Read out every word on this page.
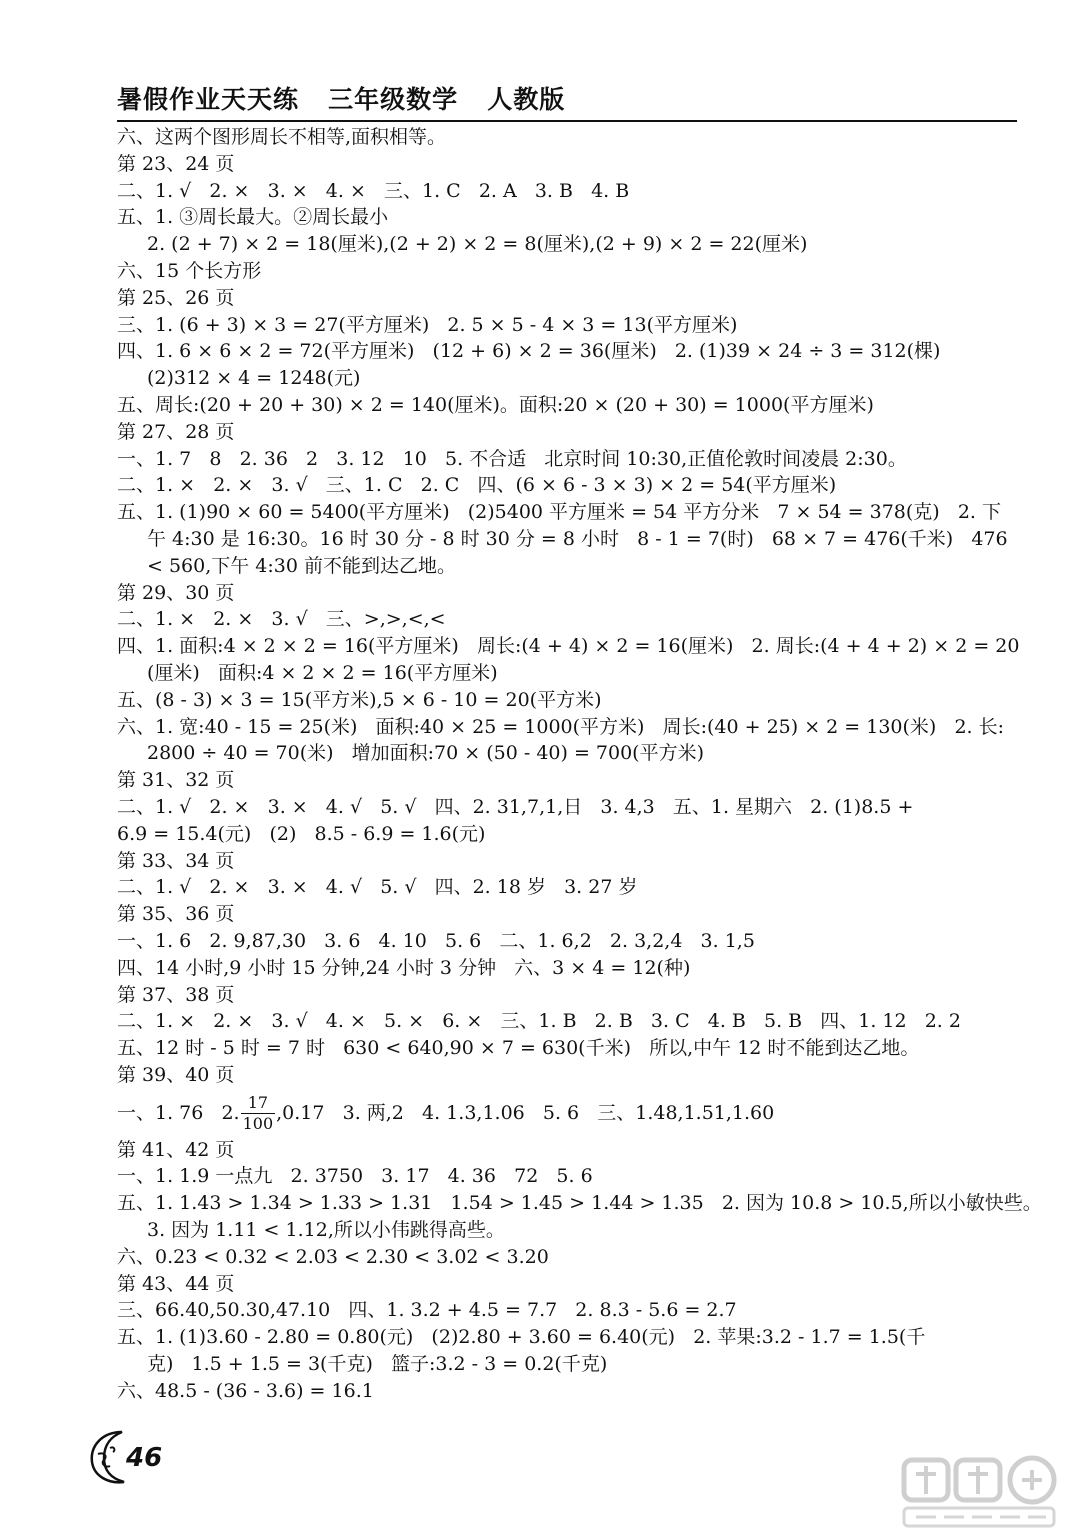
暑假作业天天练   三年级数学   人教版
六、这两个图形周长不相等,面积相等。
第 23、24 页
二、1. √   2. ×   3. ×   4. ×   三、1. C   2. A   3. B   4. B
五、1. ③周长最大。②周长最小
2. (2 + 7) × 2 = 18(厘米),(2 + 2) × 2 = 8(厘米),(2 + 9) × 2 = 22(厘米)
六、15 个长方形
第 25、26 页
三、1. (6 + 3) × 3 = 27(平方厘米)   2. 5 × 5 - 4 × 3 = 13(平方厘米)
四、1. 6 × 6 × 2 = 72(平方厘米)   (12 + 6) × 2 = 36(厘米)   2. (1)39 × 24 ÷ 3 = 312(棵)
(2)312 × 4 = 1248(元)
五、周长:(20 + 20 + 30) × 2 = 140(厘米)。面积:20 × (20 + 30) = 1000(平方厘米)
第 27、28 页
一、1. 7   8   2. 36   2   3. 12   10   5. 不合适   北京时间 10:30,正值伦敦时间凌晨 2:30。
二、1. ×   2. ×   3. √   三、1. C   2. C   四、(6 × 6 - 3 × 3) × 2 = 54(平方厘米)
五、1. (1)90 × 60 = 5400(平方厘米)   (2)5400 平方厘米 = 54 平方分米   7 × 54 = 378(克)   2. 下
午 4:30 是 16:30。16 时 30 分 - 8 时 30 分 = 8 小时   8 - 1 = 7(时)   68 × 7 = 476(千米)   476
< 560,下午 4:30 前不能到达乙地。
第 29、30 页
二、1. ×   2. ×   3. √   三、>,>,<,<
四、1. 面积:4 × 2 × 2 = 16(平方厘米)   周长:(4 + 4) × 2 = 16(厘米)   2. 周长:(4 + 4 + 2) × 2 = 20
(厘米)   面积:4 × 2 × 2 = 16(平方厘米)
五、(8 - 3) × 3 = 15(平方米),5 × 6 - 10 = 20(平方米)
六、1. 宽:40 - 15 = 25(米)   面积:40 × 25 = 1000(平方米)   周长:(40 + 25) × 2 = 130(米)   2. 长:
2800 ÷ 40 = 70(米)   增加面积:70 × (50 - 40) = 700(平方米)
第 31、32 页
二、1. √   2. ×   3. ×   4. √   5. √   四、2. 31,7,1,日   3. 4,3   五、1. 星期六   2. (1)8.5 +
6.9 = 15.4(元)   (2)   8.5 - 6.9 = 1.6(元)
第 33、34 页
二、1. √   2. ×   3. ×   4. √   5. √   四、2. 18 岁   3. 27 岁
第 35、36 页
一、1. 6   2. 9,87,30   3. 6   4. 10   5. 6   二、1. 6,2   2. 3,2,4   3. 1,5
四、14 小时,9 小时 15 分钟,24 小时 3 分钟   六、3 × 4 = 12(种)
第 37、38 页
二、1. ×   2. ×   3. √   4. ×   5. ×   6. ×   三、1. B   2. B   3. C   4. B   5. B   四、1. 12   2. 2
五、12 时 - 5 时 = 7 时   630 < 640,90 × 7 = 630(千米)   所以,中午 12 时不能到达乙地。
第 39、40 页
一、1. 76   2. $\frac{17}{100} ,0.17$   3. 两,2   4. 1.3,1.06   5. 6   三、1.48,1.51,1.60
第 41、42 页
一、1. 1.9 一点九   2. 3750   3. 17   4. 36   72   5. 6
五、1. 1.43 > 1.34 > 1.33 > 1.31   1.54 > 1.45 > 1.44 > 1.35   2. 因为 10.8 > 10.5,所以小敏快些。
3. 因为 1.11 < 1.12,所以小伟跳得高些。
六、0.23 < 0.32 < 2.03 < 2.30 < 3.02 < 3.20
第 43、44 页
三、66.40,50.30,47.10   四、1. 3.2 + 4.5 = 7.7   2. 8.3 - 5.6 = 2.7
五、1. (1)3.60 - 2.80 = 0.80(元)   (2)2.80 + 3.60 = 6.40(元)   2. 苹果:3.2 - 1.7 = 1.5(千
克)   1.5 + 1.5 = 3(千克)   篮子:3.2 - 3 = 0.2(千克)
六、48.5 - (36 - 3.6) = 16.1
46
